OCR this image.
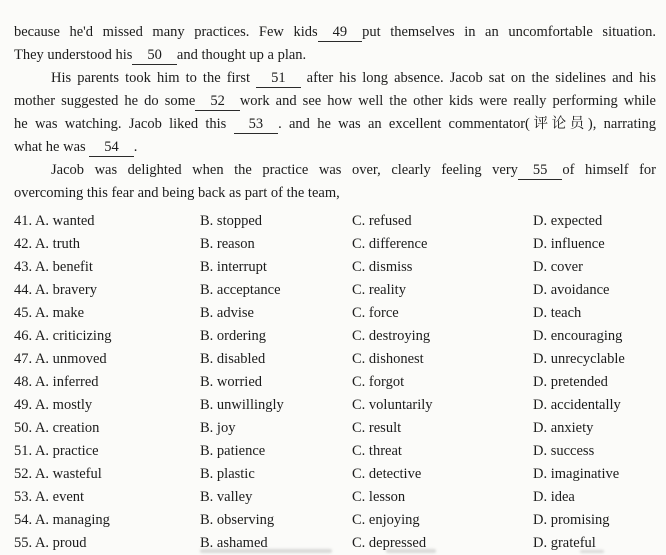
because he'd missed many practices. Few kids 49 put themselves in an uncomfortable situation.
They understood his 50 and thought up a plan.
His parents took him to the first 51 after his long absence. Jacob sat on the sidelines and his
mother suggested he do some 52 work and see how well the other kids were really performing while
he was watching. Jacob liked this 53 . and he was an excellent commentator(评论员), narrating
what he was 54 .
Jacob was delighted when the practice was over, clearly feeling very 55 of himself for
overcoming this fear and being back as part of the team,
41. A. wanted	B. stopped	C. refused	D. expected
42. A. truth	B. reason	C. difference	D. influence
43. A. benefit	B. interrupt	C. dismiss	D. cover
44. A. bravery	B. acceptance	C. reality	D. avoidance
45. A. make	B. advise	C. force	D. teach
46. A. criticizing	B. ordering	C. destroying	D. encouraging
47. A. unmoved	B. disabled	C. dishonest	D. unrecyclable
48. A. inferred	B. worried	C. forgot	D. pretended
49. A. mostly	B. unwillingly	C. voluntarily	D. accidentally
50. A. creation	B. joy	C. result	D. anxiety
51. A. practice	B. patience	C. threat	D. success
52. A. wasteful	B. plastic	C. detective	D. imaginative
53. A. event	B. valley	C. lesson	D. idea
54. A. managing	B. observing	C. enjoying	D. promising
55. A. proud	B. ashamed	C. depressed	D. grateful
